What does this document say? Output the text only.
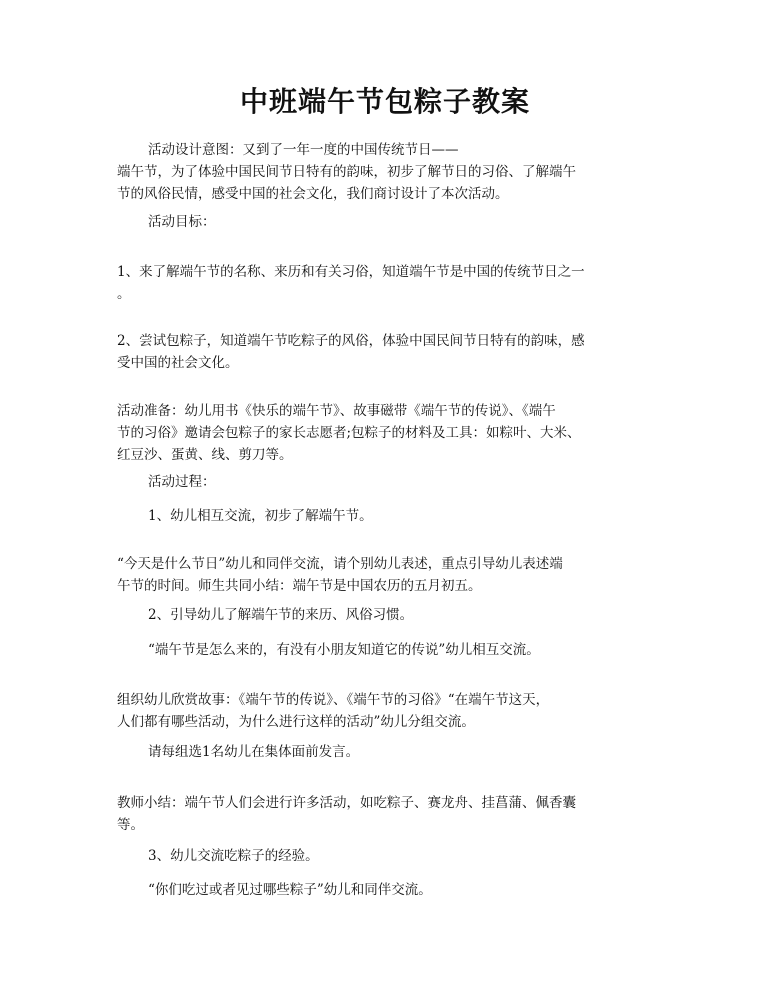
中班端午节包粽子教案
活动设计意图：又到了一年一度的中国传统节日——
端午节，为了体验中国民间节日特有的韵味，初步了解节日的习俗、了解端午
节的风俗民情，感受中国的社会文化，我们商讨设计了本次活动。
活动目标：
1、来了解端午节的名称、来历和有关习俗，知道端午节是中国的传统节日之一
。
2、尝试包粽子，知道端午节吃粽子的风俗，体验中国民间节日特有的韵味，感
受中国的社会文化。
活动准备：幼儿用书《快乐的端午节》、故事磁带《端午节的传说》、《端午
节的习俗》邀请会包粽子的家长志愿者;包粽子的材料及工具：如粽叶、大米、
红豆沙、蛋黄、线、剪刀等。
活动过程：
1、幼儿相互交流，初步了解端午节。
“今天是什么节日”幼儿和同伴交流，请个别幼儿表述，重点引导幼儿表述端
午节的时间。师生共同小结：端午节是中国农历的五月初五。
2、引导幼儿了解端午节的来历、风俗习惯。
“端午节是怎么来的，有没有小朋友知道它的传说”幼儿相互交流。
组织幼儿欣赏故事：《端午节的传说》、《端午节的习俗》“在端午节这天，
人们都有哪些活动，为什么进行这样的活动”幼儿分组交流。
请每组选1名幼儿在集体面前发言。
教师小结：端午节人们会进行许多活动，如吃粽子、赛龙舟、挂菖蒲、佩香囊
等。
3、幼儿交流吃粽子的经验。
“你们吃过或者见过哪些粽子”幼儿和同伴交流。
